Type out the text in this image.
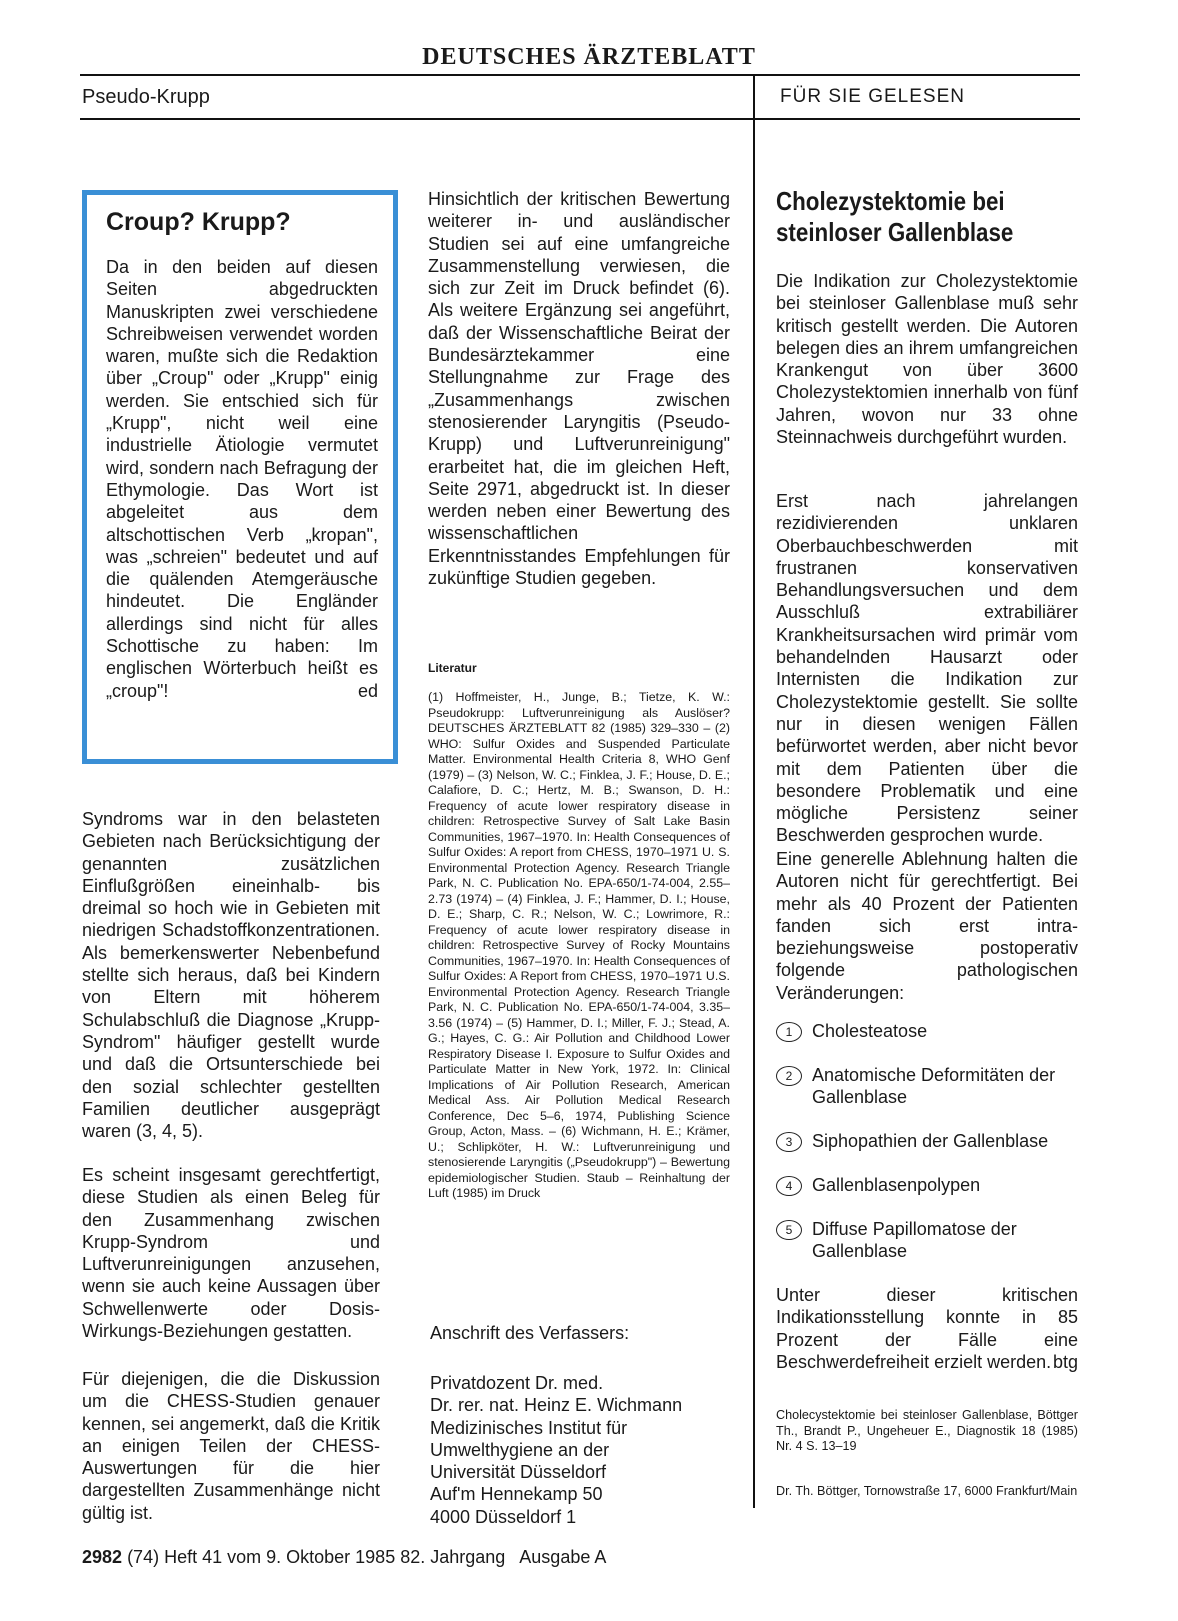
DEUTSCHES ÄRZTEBLATT
Pseudo-Krupp	FÜR SIE GELESEN
Croup? Krupp?
Da in den beiden auf diesen Seiten abgedruckten Manuskripten zwei verschiedene Schreibweisen verwendet worden waren, mußte sich die Redaktion über „Croup" oder „Krupp" einig werden. Sie entschied sich für „Krupp", nicht weil eine industrielle Ätiologie vermutet wird, sondern nach Befragung der Ethymologie. Das Wort ist abgeleitet aus dem altschottischen Verb „kropan", was „schreien" bedeutet und auf die quälenden Atemgeräusche hindeutet. Die Engländer allerdings sind nicht für alles Schottische zu haben: Im englischen Wörterbuch heißt es „croup"!	ed
Syndroms war in den belasteten Gebieten nach Berücksichtigung der genannten zusätzlichen Einflußgrößen eineinhalb- bis dreimal so hoch wie in Gebieten mit niedrigen Schadstoffkonzentrationen. Als bemerkenswerter Nebenbefund stellte sich heraus, daß bei Kindern von Eltern mit höherem Schulabschluß die Diagnose „Krupp-Syndrom" häufiger gestellt wurde und daß die Ortsunterschiede bei den sozial schlechter gestellten Familien deutlicher ausgeprägt waren (3, 4, 5).
Es scheint insgesamt gerechtfertigt, diese Studien als einen Beleg für den Zusammenhang zwischen Krupp-Syndrom und Luftverunreinigungen anzusehen, wenn sie auch keine Aussagen über Schwellenwerte oder Dosis-Wirkungs-Beziehungen gestatten.
Für diejenigen, die die Diskussion um die CHESS-Studien genauer kennen, sei angemerkt, daß die Kritik an einigen Teilen der CHESS-Auswertungen für die hier dargestellten Zusammenhänge nicht gültig ist.
Hinsichtlich der kritischen Bewertung weiterer in- und ausländischer Studien sei auf eine umfangreiche Zusammenstellung verwiesen, die sich zur Zeit im Druck befindet (6). Als weitere Ergänzung sei angeführt, daß der Wissenschaftliche Beirat der Bundesärztekammer eine Stellungnahme zur Frage des „Zusammenhangs zwischen stenosierender Laryngitis (Pseudo-Krupp) und Luftverunreinigung" erarbeitet hat, die im gleichen Heft, Seite 2971, abgedruckt ist. In dieser werden neben einer Bewertung des wissenschaftlichen Erkenntnisstandes Empfehlungen für zukünftige Studien gegeben.
Literatur
(1) Hoffmeister, H., Junge, B.; Tietze, K. W.: Pseudokrupp: Luftverunreinigung als Auslöser? DEUTSCHES ÄRZTEBLATT 82 (1985) 329–330 – (2) WHO: Sulfur Oxides and Suspended Particulate Matter. Environmental Health Criteria 8, WHO Genf (1979) – (3) Nelson, W. C.; Finklea, J. F.; House, D. E.; Calafiore, D. C.; Hertz, M. B.; Swanson, D. H.: Frequency of acute lower respiratory disease in children: Retrospective Survey of Salt Lake Basin Communities, 1967–1970. In: Health Consequences of Sulfur Oxides: A report from CHESS, 1970–1971 U. S. Environmental Protection Agency. Research Triangle Park, N. C. Publication No. EPA-650/1-74-004, 2.55–2.73 (1974) – (4) Finklea, J. F.; Hammer, D. I.; House, D. E.; Sharp, C. R.; Nelson, W. C.; Lowrimore, R.: Frequency of acute lower respiratory disease in children: Retrospective Survey of Rocky Mountains Communities, 1967–1970. In: Health Consequences of Sulfur Oxides: A Report from CHESS, 1970–1971 U.S. Environmental Protection Agency. Research Triangle Park, N. C. Publication No. EPA-650/1-74-004, 3.35–3.56 (1974) – (5) Hammer, D. I.; Miller, F. J.; Stead, A. G.; Hayes, C. G.: Air Pollution and Childhood Lower Respiratory Disease I. Exposure to Sulfur Oxides and Particulate Matter in New York, 1972. In: Clinical Implications of Air Pollution Research, American Medical Ass. Air Pollution Medical Research Conference, Dec 5–6, 1974, Publishing Science Group, Acton, Mass. – (6) Wichmann, H. E.; Krämer, U.; Schlipköter, H. W.: Luftverunreinigung und stenosierende Laryngitis („Pseudokrupp") – Bewertung epidemiologischer Studien. Staub – Reinhaltung der Luft (1985) im Druck
Anschrift des Verfassers:
Privatdozent Dr. med.
Dr. rer. nat. Heinz E. Wichmann
Medizinisches Institut für
Umwelthygiene an der
Universität Düsseldorf
Auf'm Hennekamp 50
4000 Düsseldorf 1
Cholezystektomie bei steinloser Gallenblase
Die Indikation zur Cholezystektomie bei steinloser Gallenblase muß sehr kritisch gestellt werden. Die Autoren belegen dies an ihrem umfangreichen Krankengut von über 3600 Cholezystektomien innerhalb von fünf Jahren, wovon nur 33 ohne Steinnachweis durchgeführt wurden.
Erst nach jahrelangen rezidivierenden unklaren Oberbauchbeschwerden mit frustranen konservativen Behandlungsversuchen und dem Ausschluß extrabiliärer Krankheitsursachen wird primär vom behandelnden Hausarzt oder Internisten die Indikation zur Cholezystektomie gestellt. Sie sollte nur in diesen wenigen Fällen befürwortet werden, aber nicht bevor mit dem Patienten über die besondere Problematik und eine mögliche Persistenz seiner Beschwerden gesprochen wurde.
Eine generelle Ablehnung halten die Autoren nicht für gerechtfertigt. Bei mehr als 40 Prozent der Patienten fanden sich erst intra- beziehungsweise postoperativ folgende pathologischen Veränderungen:
1	Cholesteatose
2	Anatomische Deformitäten der Gallenblase
3	Siphopathien der Gallenblase
4	Gallenblasenpolypen
5	Diffuse Papillomatose der Gallenblase
Unter dieser kritischen Indikationsstellung konnte in 85 Prozent der Fälle eine Beschwerdefreiheit erzielt werden. btg
Cholecystektomie bei steinloser Gallenblase, Böttger Th., Brandt P., Ungeheuer E., Diagnostik 18 (1985) Nr. 4 S. 13–19
Dr. Th. Böttger, Tornowstraße 17, 6000 Frankfurt/Main
2982 (74) Heft 41 vom 9. Oktober 1985 82. Jahrgang   Ausgabe A
